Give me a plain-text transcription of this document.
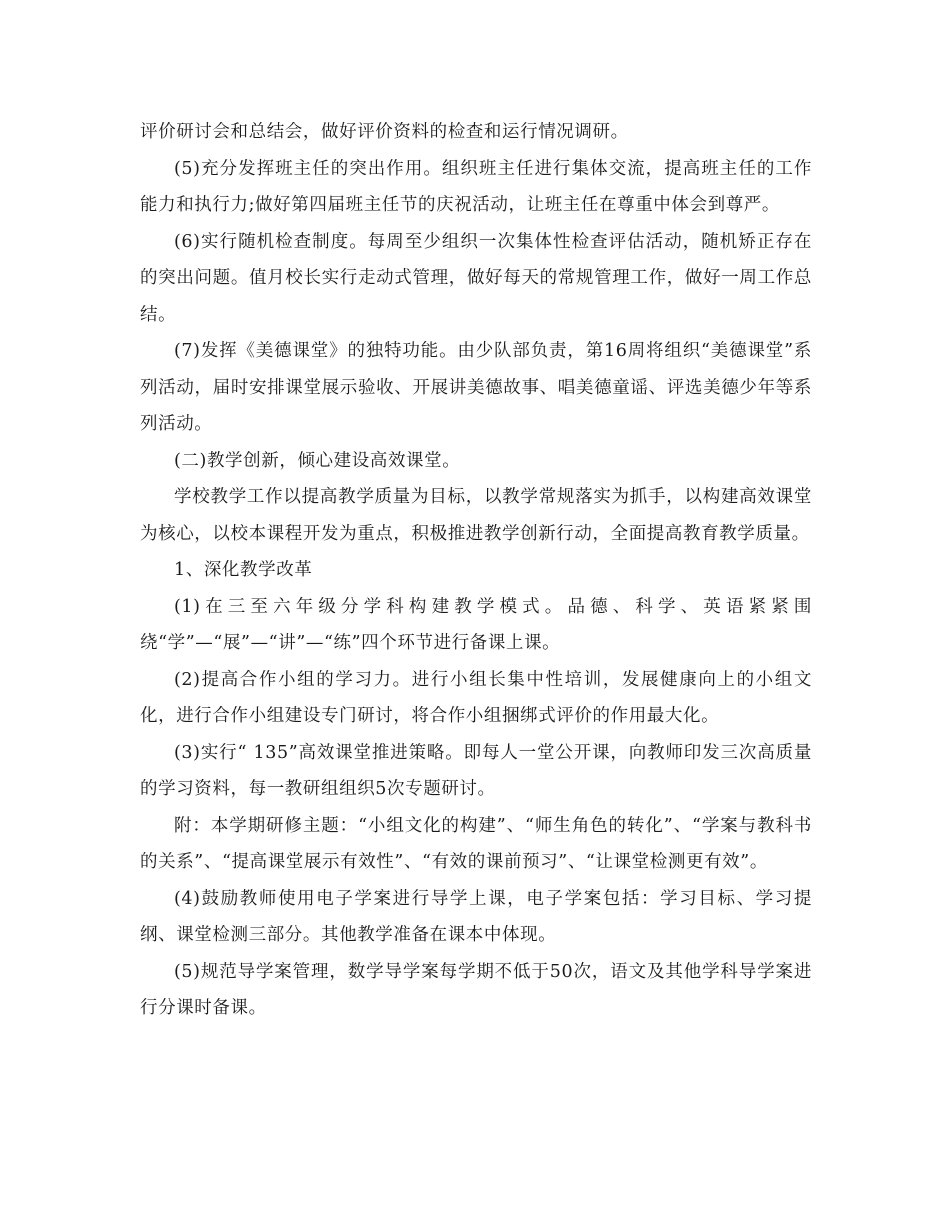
评价研讨会和总结会，做好评价资料的检查和运行情况调研。

(5)充分发挥班主任的突出作用。组织班主任进行集体交流，提高班主任的工作能力和执行力;做好第四届班主任节的庆祝活动，让班主任在尊重中体会到尊严。

(6)实行随机检查制度。每周至少组织一次集体性检查评估活动，随机矫正存在的突出问题。值月校长实行走动式管理，做好每天的常规管理工作，做好一周工作总结。

(7)发挥《美德课堂》的独特功能。由少队部负责，第16周将组织“美德课堂”系列活动，届时安排课堂展示验收、开展讲美德故事、唱美德童谣、评选美德少年等系列活动。

(二)教学创新，倾心建设高效课堂。

学校教学工作以提高教学质量为目标，以教学常规落实为抓手，以构建高效课堂为核心，以校本课程开发为重点，积极推进教学创新行动，全面提高教育教学质量。

1、深化教学改革

(1)在三至六年级分学科构建教学模式。品德、科学、英语紧紧围绕“学”—“展”—“讲”—“练”四个环节进行备课上课。

(2)提高合作小组的学习力。进行小组长集中性培训，发展健康向上的小组文化，进行合作小组建设专门研讨，将合作小组捆绑式评价的作用最大化。

(3)实行“ 135”高效课堂推进策略。即每人一堂公开课，向教师印发三次高质量的学习资料，每一教研组组织5次专题研讨。

附：本学期研修主题：“小组文化的构建”、“师生角色的转化”、“学案与教科书的关系”、“提高课堂展示有效性”、“有效的课前预习”、“让课堂检测更有效”。

(4)鼓励教师使用电子学案进行导学上课，电子学案包括：学习目标、学习提纲、课堂检测三部分。其他教学准备在课本中体现。

(5)规范导学案管理，数学导学案每学期不低于50次，语文及其他学科导学案进行分课时备课。
